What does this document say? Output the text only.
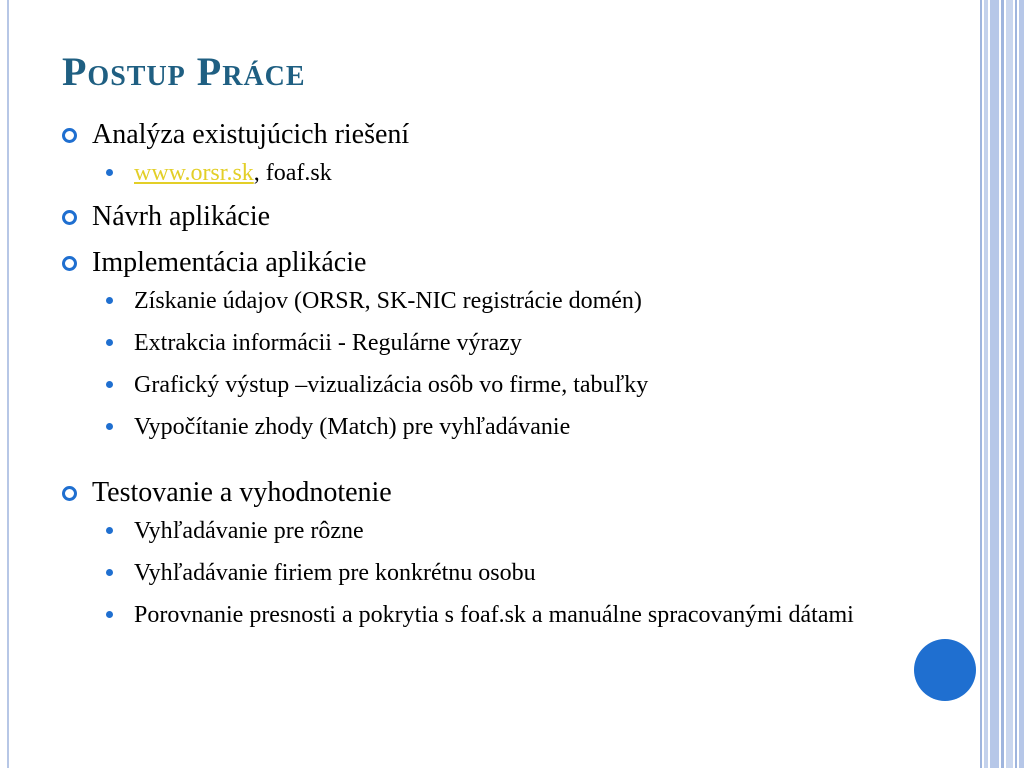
Postup Práce
Analýza existujúcich riešení
www.orsr.sk, foaf.sk
Návrh aplikácie
Implementácia aplikácie
Získanie údajov (ORSR, SK-NIC registrácie domén)
Extrakcia informácii - Regulárne výrazy
Grafický výstup –vizualizácia osôb vo firme, tabuľky
Vypočítanie zhody (Match) pre vyhľadávanie
Testovanie a vyhodnotenie
Vyhľadávanie pre rôzne
Vyhľadávanie firiem pre konkrétnu osobu
Porovnanie presnosti a pokrytia s foaf.sk a manuálne spracovanými dátami
